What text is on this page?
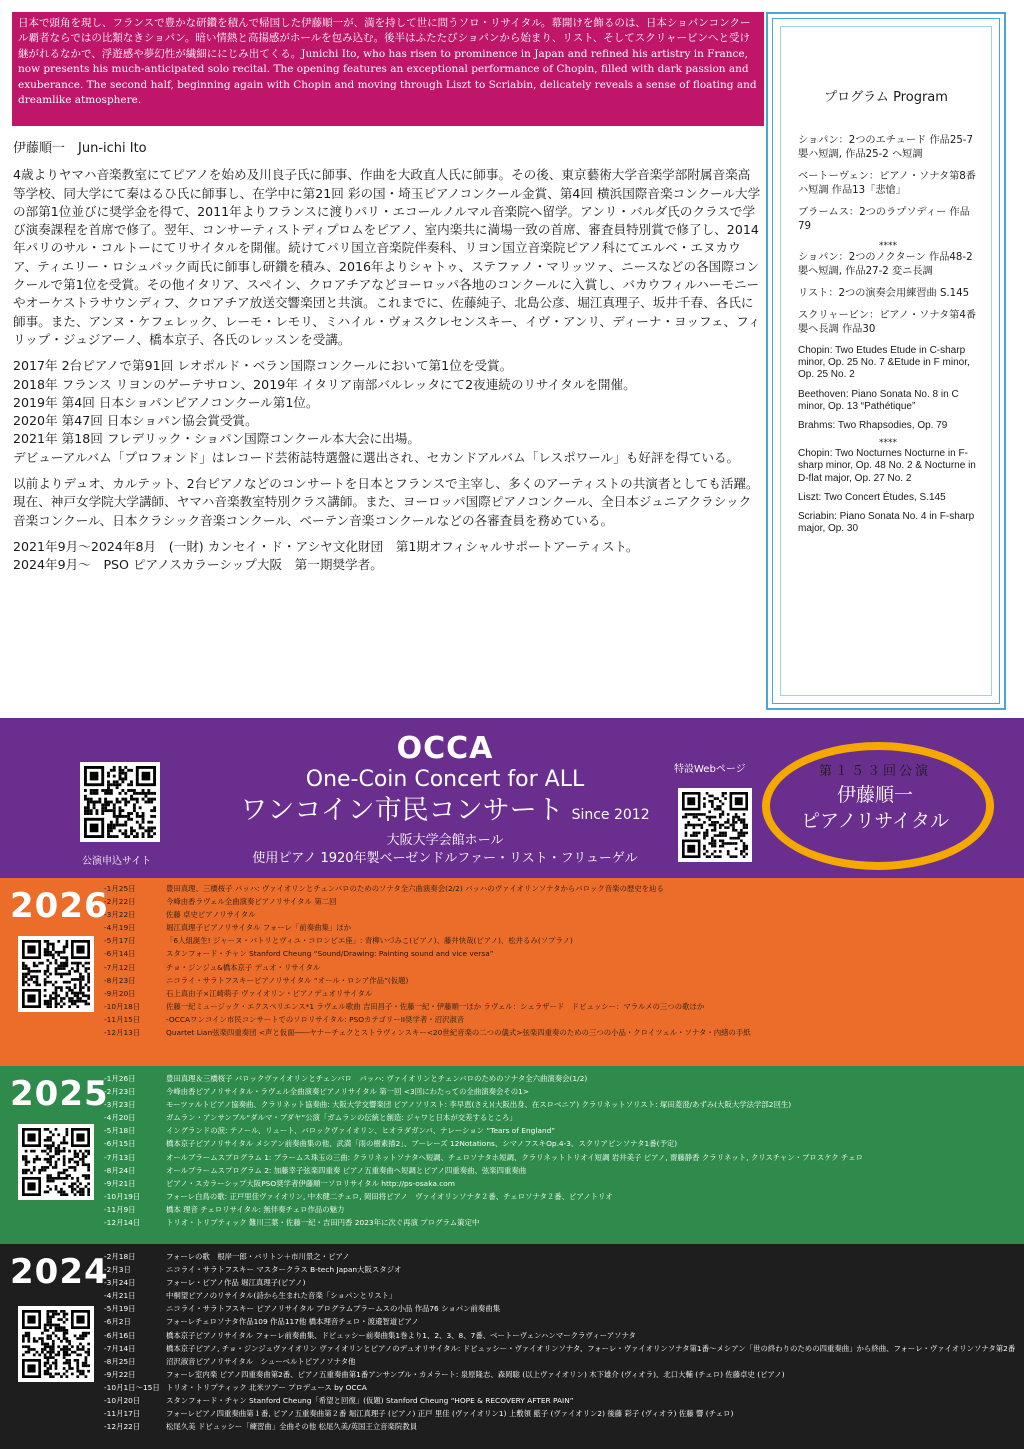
日本で頭角を現し、フランスで豊かな研鑽を積んで帰国した伊藤順一が、満を持して世に問うソロ・リサイタル。幕開けを飾るのは、日本ショパンコンクール覇者ならではの比類なきショパン。暗い情熱と高揚感がホールを包み込む。後半はふたたびショパンから始まり、リスト、そしてスクリャービンへと受け継がれるなかで、浮遊感や夢幻性が繊細ににじみ出てくる。Junichi Ito, who has risen to prominence in Japan and refined his artistry in France, now presents his much-anticipated solo recital. The opening features an exceptional performance of Chopin, filled with dark passion and exuberance. The second half, beginning again with Chopin and moving through Liszt to Scriabin, delicately reveals a sense of floating and dreamlike atmosphere.

伊藤順一　Jun-ichi Ito

4歳よりヤマハ音楽教室にてピアノを始め及川良子氏に師事、作曲を大政直人氏に師事。その後、東京藝術大学音楽学部附属音楽高等学校、同大学にて秦はるひ氏に師事し、在学中に第21回 彩の国・埼玉ピアノコンクール金賞、第4回 横浜国際音楽コンクール大学の部第1位並びに奨学金を得て、2011年よりフランスに渡りパリ・エコールノルマル音楽院へ留学。アンリ・バルダ氏のクラスで学び演奏課程を首席で修了。翌年、コンサーティストディプロムをピアノ、室内楽共に満場一致の首席、審査員特別賞で修了し、2014年パリのサル・コルトーにてリサイタルを開催。続けてパリ国立音楽院伴奏科、リヨン国立音楽院ピアノ科にてエルベ・エヌカウア、ティエリー・ロシュバック両氏に師事し研鑽を積み、2016年よりシャトゥ、ステファノ・マリッツァ、ニースなどの各国際コンクールで第1位を受賞。その他イタリア、スペイン、クロアチアなどヨーロッパ各地のコンクールに入賞し、バカウフィルハーモニーやオーケストラサウンディフ、クロアチア放送交響楽団と共演。これまでに、佐藤純子、北島公彦、堀江真理子、坂井千春、各氏に師事。また、アンヌ・ケフェレック、レーモ・レモリ、ミハイル・ヴォスクレセンスキー、イヴ・アンリ、ディーナ・ヨッフェ、フィリップ・ジュジアーノ、橋本京子、各氏のレッスンを受講。

2017年 2台ピアノで第91回 レオポルド・ベラン国際コンクールにおいて第1位を受賞。

2018年 フランス リヨンのゲーテサロン、2019年 イタリア南部バルレッタにて2夜連続のリサイタルを開催。

2019年 第4回 日本ショパンピアノコンクール第1位。

2020年 第47回 日本ショパン協会賞受賞。

2021年 第18回 フレデリック・ショパン国際コンクール本大会に出場。

デビューアルバム「プロフォンド」はレコード芸術誌特選盤に選出され、セカンドアルバム「レスポワール」も好評を得ている。

以前よりデュオ、カルテット、2台ピアノなどのコンサートを日本とフランスで主宰し、多くのアーティストの共演者としても活躍。現在、神戸女学院大学講師、ヤマハ音楽教室特別クラス講師。また、ヨーロッパ国際ピアノコンクール、全日本ジュニアクラシック音楽コンクール、日本クラシック音楽コンクール、ベーテン音楽コンクールなどの各審査員を務めている。

2021年9月～2024年8月　(一財) カンセイ・ド・アシヤ文化財団　第1期オフィシャルサポートアーティスト。

2024年9月～　PSO ピアノスカラーシップ大阪　第一期奨学者。

プログラム Program
ショパン：2つのエチュード 作品25-7 嬰ハ短調, 作品25-2 ヘ短調
ベートーヴェン：ピアノ・ソナタ第8番 ハ短調 作品13「悲愴」
ブラームス：2つのラプソディー 作品79
****
ショパン：2つのノクターン 作品48-2 嬰ヘ短調, 作品27-2 変ニ長調
リスト：2つの演奏会用練習曲 S.145
スクリャービン：ピアノ・ソナタ第4番 嬰ヘ長調 作品30
Chopin: Two Etudes Etude in C-sharp minor, Op. 25 No. 7 &Etude in F minor, Op. 25 No. 2
Beethoven: Piano Sonata No. 8 in C minor, Op. 13 “Pathétique”
Brahms: Two Rhapsodies, Op. 79
****
Chopin: Two Nocturnes Nocturne in F-sharp minor, Op. 48 No. 2 & Nocturne in D-flat major, Op. 27 No. 2
Liszt: Two Concert Études, S.145
Scriabin: Piano Sonata No. 4 in F-sharp major, Op. 30
公演申込サイト
OCCA
One-Coin Concert for ALL
ワンコイン市民コンサート Since 2012
大阪大学会館ホール
使用ピアノ 1920年製ベーゼンドルファー・リスト・フリューゲル
特設Webページ	第１５３回公演
伊藤順一
ピアノリサイタル
2026
-1月25日	豊田真理、三橋桜子 バッハ: ヴァイオリンとチェンバロのためのソナタ全六曲演奏会(2/2) バッハのヴァイオリンソナタからバロック音楽の歴史を辿る
-2月22日	今峰由香ラヴェル全曲演奏ピアノリサイタル 第二回
-3月22日	佐藤 卓史ピアノリサイタル
-4月19日	堀江真理子ピアノリサイタル フォーレ「前奏曲集」ほか
-5月17日	「6人組誕生! ジャーヌ・バトリとヴィユ・コロンビエ座」: 青柳いづみこ(ピアノ)、藤井快哉(ピアノ)、松井るみ(ソプラノ)
-6月14日	スタンフォード・チャン Stanford Cheung “Sound/Drawing: Painting sound and vice versa”
-7月12日	チョ・ジンジュ&橋本京子 デュオ・リサイタル
-8月23日	ニコライ・サラトフスキーピアノリサイタル “オール・ロシア作品”(仮題)
-9月20日	石上真由子×江崎萌子 ヴァイオリン・ピアノデュオリサイタル
-10月18日	佐藤一紀ミュージック・エクスペリエンス*1 ラヴェル歌曲 吉田昌子・佐藤一紀・伊藤順一ほか ラヴェル：シェラザード　ドビュッシー：マラルメの三つの歌ほか
-11月15日	-OCCAワンコイン市民コンサートでのソロリサイタル: PSOカテゴリーII奨学者・沼沢淑音
-12月13日	Quartet Lian弦楽四重奏団 <声と仮面――ヤナーチェクとストラヴィンスキー<20世紀音楽の二つの儀式>弦楽四重奏のための三つの小品・クロイツェル・ソナタ・内緒の手紙
2025
-1月26日	豊田真理＆三橋桜子 バロックヴァイオリンとチェンバロ　バッハ: ヴァイオリンとチェンバロのためのソナタ全六曲演奏会(1/2)
-2月23日	今峰由香ピアノリサイタル・ラヴェル全曲演奏ピアノリサイタル 第一回 <3回にわたっての全曲演奏会その1>
-3月23日	モーツァルトピアノ協奏曲、クラリネット協奏曲: 大阪大学交響楽団 ピアノソリスト: 李早恵(さえ)(大阪出身、在スロベニア) クラリネットソリスト: 塚田菱澄/あずみ(大阪大学法学部2回生)
-4月20日	ガムラン・アンサンブル“ダルマ・ブダヤ”公演「ガムランの伝統と創造: ジャワと日本が交差するところ」
-5月18日	イングランドの涙: テノール、リュート、バロックヴァイオリン、ヒオラダガンバ、ナレーション “Tears of England”
-6月15日	橋本京子ピアノリサイタル メシアン前奏曲集の他、武満「雨の樹素描2」、ブーレーズ 12Notations、シマノフスキOp.4-3、スクリアビンソナタ1番(予定)
-7月13日	オールブラームスプログラム 1: ブラームス珠玉の三曲: クラリネットソナタヘ短調、チェロソナタホ短調、クラリネットトリオイ短調 岩井美子 ピアノ, 齋藤静香 クラリネット, クリスチャン・ブロスケク チェロ
-8月24日	オールブラームスプログラム 2: 加藤幸子弦楽四重奏 ピアノ五重奏曲ヘ短調とピアノ四重奏曲、弦楽四重奏曲
-9月21日	ピアノ・スカラーシップ大阪PSO奨学者伊藤順一ソロリサイタル http://ps-osaka.com
-10月19日	フォーレ白鳥の歌: 正戸里佳ヴァイオリン, 中木健二チェロ, 岡田将ピアノ　ヴァイオリンソナタ２番、チェロソナタ２番、ピアノトリオ
-11月9日	橋本 理音 チェロリサイタル: 無伴奏チェロ作品の魅力
-12月14日	トリオ・トリプティック 難川三葉・佐藤一紀・吉田円香 2023年に次ぐ再演 プログラム策定中
2024
-2月18日	フォーレの歌　根岸一郎・バリトン＋市川景之・ピアノ
-2月3日	ニコライ・サラトフスキー マスタークラス B-tech Japan大阪スタジオ
-3月24日	フォーレ・ピアノ作品 堀江真理子(ピアノ)
-4月21日	中桐望ピアノのリサイタル(詩から生まれた音楽「ショパンとリスト」
-5月19日	ニコライ・サラトフスキー ピアノリサイタル プログラムブラームスの小品 作品76 ショパン前奏曲集
-6月2日	フォーレチェロソナタ作品109 作品117他 橋本理音チェロ・渡邉智道ピアノ
-6月16日	橋本京子ピアノリサイタル フォーレ前奏曲集、ドビュッシー前奏曲集1巻より1、2、3、8、7番、ベートーヴェンハンマークラヴィーアソナタ
-7月14日	橋本京子ピアノ, チョ・ジンジュヴァイオリン ヴァイオリンとピアノのデュオリサイタル: ドビュッシー・ヴァイオリンソナタ、フォーレ・ヴァイオリンソナタ第1番〜メシアン「世の終わりのための四重奏曲」から終曲、フォーレ・ヴァイオリンソナタ第2番
-8月25日	沼沢淑音ピアノリサイタル　シューベルトピアノソナタ他
-9月22日	フォーレ室内楽 ピアノ四重奏曲第2番、ピアノ五重奏曲第1番アンサンブル・カメラート: 泉原隆志、森岡聡 (以上ヴァイオリン) 木下雄介 (ヴィオラ)、北口大輔 (チェロ) 佐藤卓史 (ピアノ)
-10月1日～15日 トリオ・トリプティック 北米ツアー プロデュース by OCCA
-10月20日	スタンフォード・チャン Stanford Cheung「希望と回復」(仮題) Stanford Cheung “HOPE & RECOVERY AFTER PAIN”
-11月17日	フォーレピアノ四重奏曲第１番, ピアノ五重奏曲第２番 堀江真理子 (ピアノ) 正戸 里佳 (ヴァイオリン1) 上敷領 藍子 (ヴァイオリン2) 後藤 彩子 (ヴィオラ) 佐藤 響 (チェロ)
-12月22日	松尾久美 ドビュッシー「練習曲」全曲その他 松尾久美/英国王立音楽院教員
